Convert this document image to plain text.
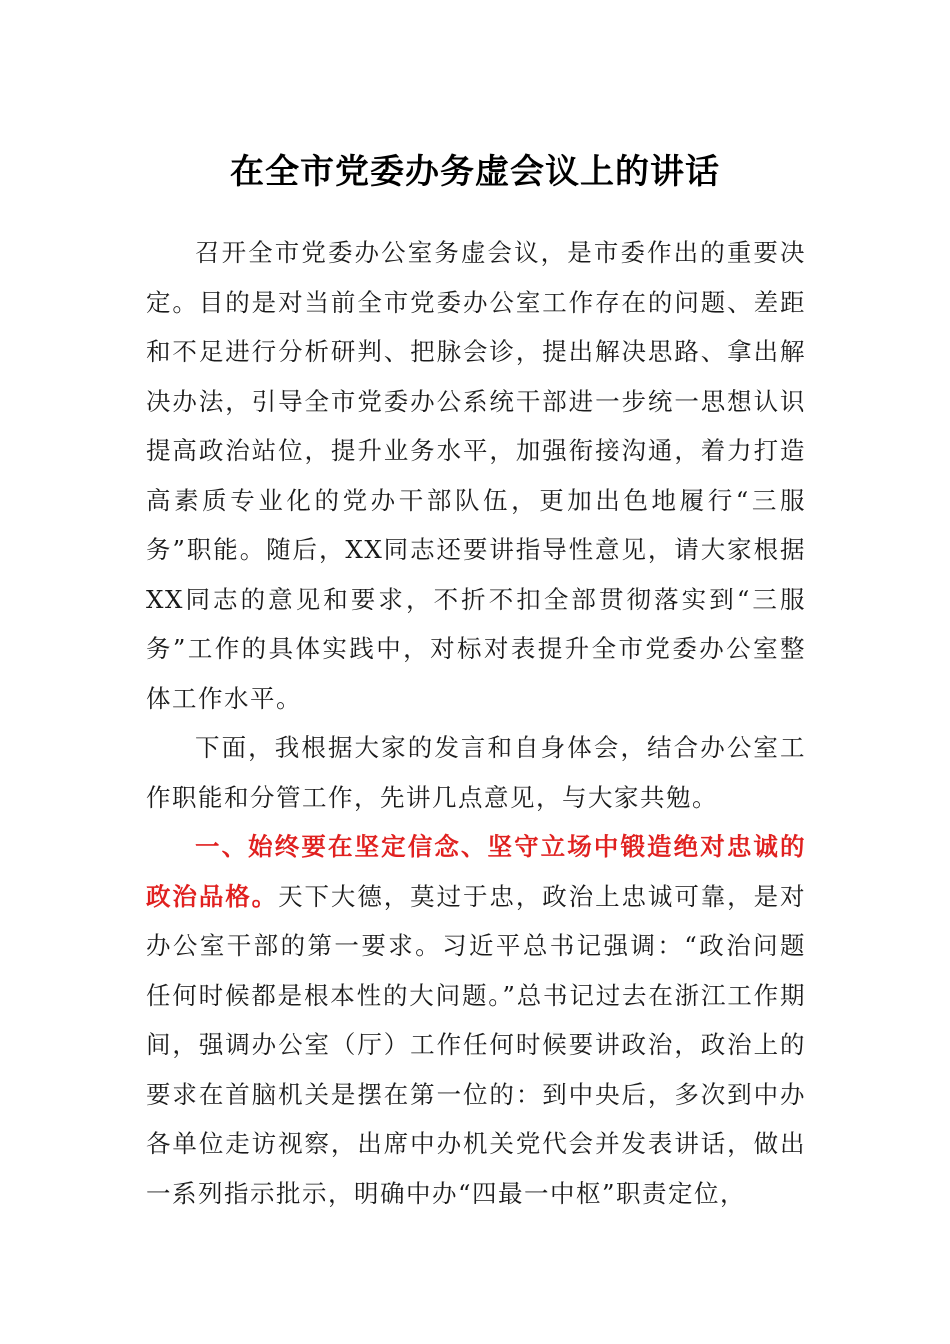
在全市党委办务虚会议上的讲话

召开全市党委办公室务虚会议，是市委作出的重要决定。目的是对当前全市党委办公室工作存在的问题、差距和不足进行分析研判、把脉会诊，提出解决思路、拿出解决办法，引导全市党委办公系统干部进一步统一思想认识提高政治站位，提升业务水平，加强衔接沟通，着力打造高素质专业化的党办干部队伍，更加出色地履行“三服务”职能。随后，XX同志还要讲指导性意见，请大家根据XX同志的意见和要求，不折不扣全部贯彻落实到“三服务”工作的具体实践中，对标对表提升全市党委办公室整体工作水平。

下面，我根据大家的发言和自身体会，结合办公室工作职能和分管工作，先讲几点意见，与大家共勉。

一、始终要在坚定信念、坚守立场中锻造绝对忠诚的政治品格。天下大德，莫过于忠，政治上忠诚可靠，是对办公室干部的第一要求。习近平总书记强调：“政治问题任何时候都是根本性的大问题。”总书记过去在浙江工作期间，强调办公室（厅）工作任何时候要讲政治，政治上的要求在首脑机关是摆在第一位的：到中央后，多次到中办各单位走访视察，出席中办机关党代会并发表讲话，做出一系列指示批示，明确中办“四最一中枢”职责定位，
